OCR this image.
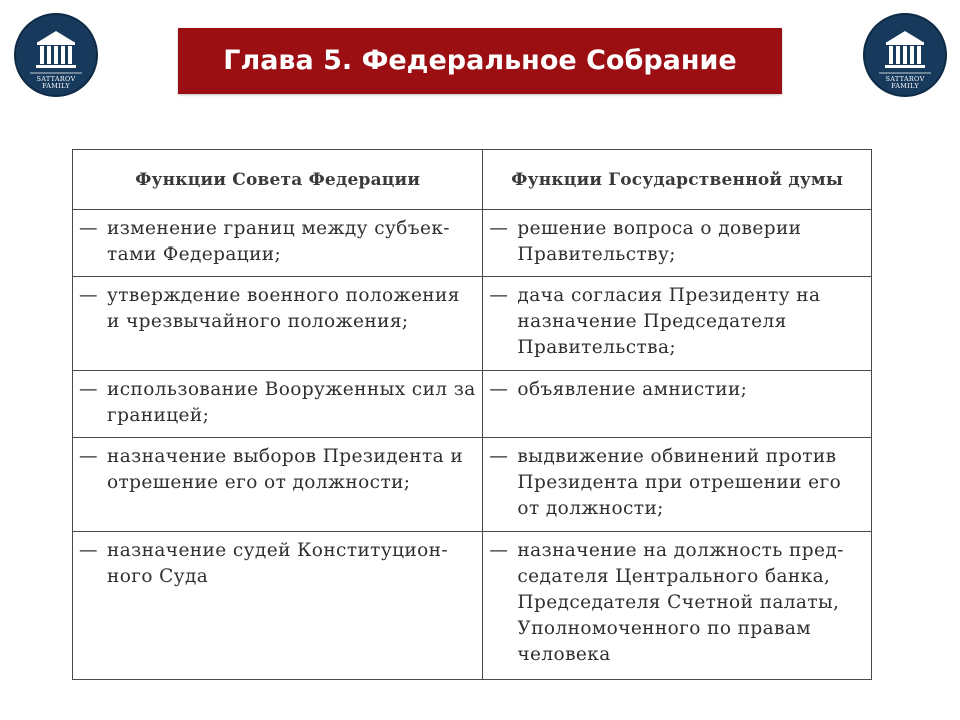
SATTAROV
FAMILY
SATTAROV
FAMILY
Глава 5. Федеральное Собрание
Функции Совета Федерации	Функции Государственной думы

— изменение границ между субъек-тами Федерации;	— решение вопроса о доверии Правительству;

— утверждение военного положения и чрезвычайного положения;	— дача согласия Президенту на назначение Председателя Правительства;

— использование Вооруженных сил за границей;	— объявление амнистии;

— назначение выборов Президента и отрешение его от должности;	— выдвижение обвинений против Президента при отрешении его от должности;

— назначение судей Конституцион-ного Суда	— назначение на должность пред-седателя Центрального банка, Председателя Счетной палаты, Уполномоченного по правам человека
